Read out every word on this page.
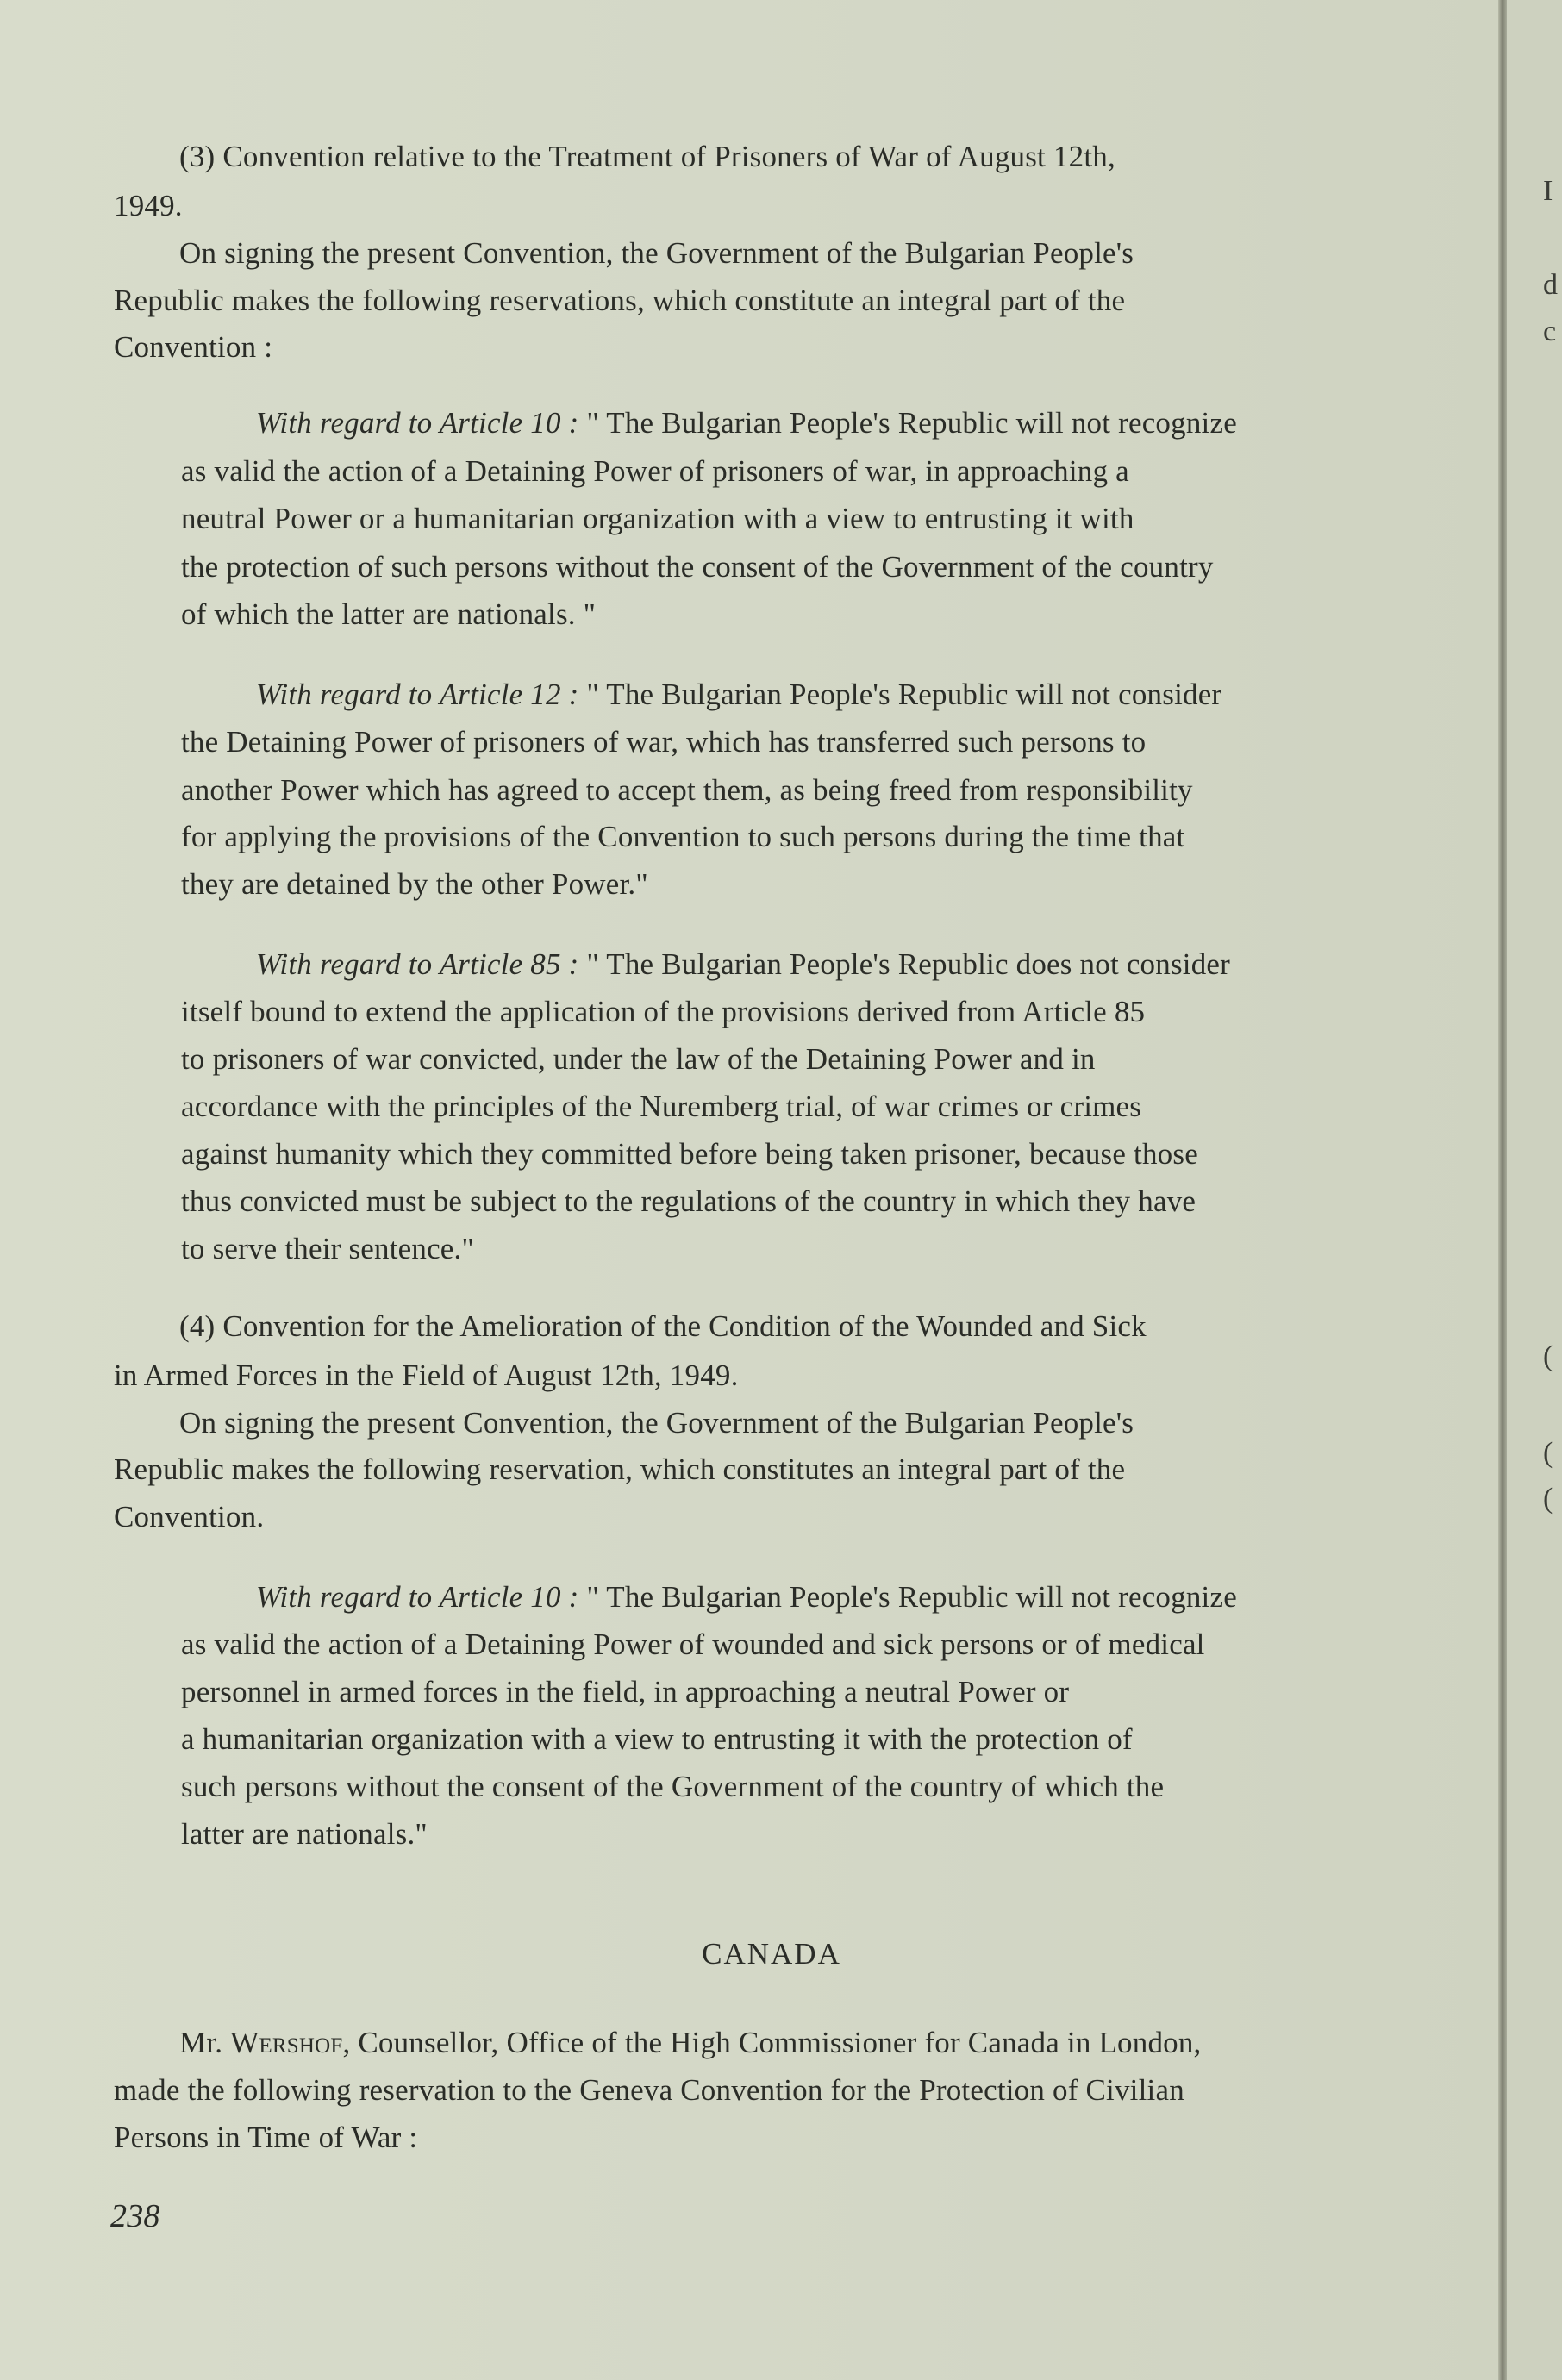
(3) Convention relative to the Treatment of Prisoners of War of August 12th,
1949.
On signing the present Convention, the Government of the Bulgarian People's
Republic makes the following reservations, which constitute an integral part of the
Convention :
With regard to Article 10 : " The Bulgarian People's Republic will not recognize
as valid the action of a Detaining Power of prisoners of war, in approaching a
neutral Power or a humanitarian organization with a view to entrusting it with
the protection of such persons without the consent of the Government of the country
of which the latter are nationals. "
With regard to Article 12 : " The Bulgarian People's Republic will not consider
the Detaining Power of prisoners of war, which has transferred such persons to
another Power which has agreed to accept them, as being freed from responsibility
for applying the provisions of the Convention to such persons during the time that
they are detained by the other Power."
With regard to Article 85 : " The Bulgarian People's Republic does not consider
itself bound to extend the application of the provisions derived from Article 85
to prisoners of war convicted, under the law of the Detaining Power and in
accordance with the principles of the Nuremberg trial, of war crimes or crimes
against humanity which they committed before being taken prisoner, because those
thus convicted must be subject to the regulations of the country in which they have
to serve their sentence."
(4) Convention for the Amelioration of the Condition of the Wounded and Sick
in Armed Forces in the Field of August 12th, 1949.
On signing the present Convention, the Government of the Bulgarian People's
Republic makes the following reservation, which constitutes an integral part of the
Convention.
With regard to Article 10 : " The Bulgarian People's Republic will not recognize
as valid the action of a Detaining Power of wounded and sick persons or of medical
personnel in armed forces in the field, in approaching a neutral Power or
a humanitarian organization with a view to entrusting it with the protection of
such persons without the consent of the Government of the country of which the
latter are nationals."
CANADA
Mr. Wershof, Counsellor, Office of the High Commissioner for Canada in London,
made the following reservation to the Geneva Convention for the Protection of Civilian
Persons in Time of War :
238
I
d
c
(
(
(
